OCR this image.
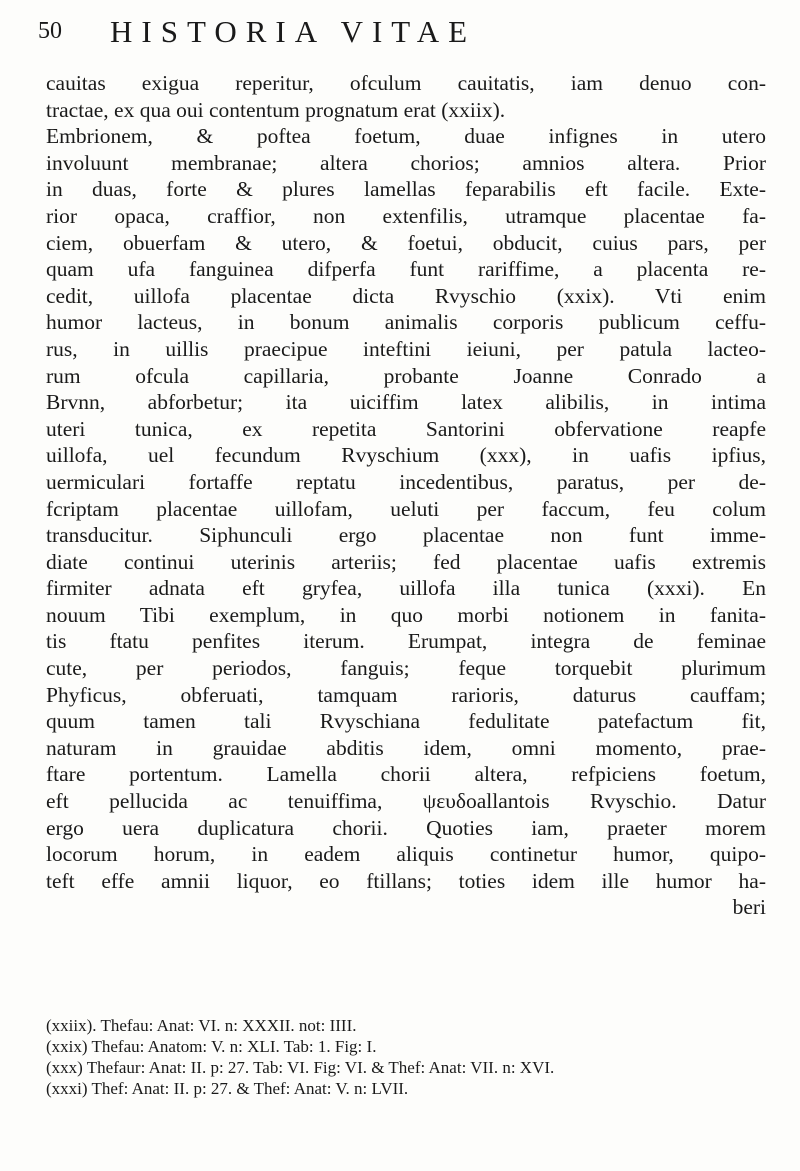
50 HISTORIA VITAE
cauitas exigua reperitur, ofculum cauitatis, iam denuo con-
tractae, ex qua oui contentum prognatum erat (xxiix).
Embrionem, & poftea foetum, duae infignes in utero
involuunt membranae; altera chorios; amnios altera. Prior
in duas, forte & plures lamellas feparabilis eft facile. Exte-
rior opaca, craffior, non extenfilis, utramque placentae fa-
ciem, obuerfam & utero, & foetui, obducit, cuius pars, per
quam ufa fanguinea difperfa funt rariffime, a placenta re-
cedit, uillofa placentae dicta Rvyschio (xxix). Vti enim
humor lacteus, in bonum animalis corporis publicum ceffu-
rus, in uillis praecipue inteftini ieiuni, per patula lacteo-
rum ofcula capillaria, probante Joanne Conrado a
Brvnn, abforbetur; ita uiciffim latex alibilis, in intima
uteri tunica, ex repetita Santorini obfervatione reapfe
uillofa, uel fecundum Rvyschium (xxx), in uafis ipfius,
uermiculari fortaffe reptatu incedentibus, paratus, per de-
fcriptam placentae uillofam, ueluti per faccum, feu colum
transducitur. Siphunculi ergo placentae non funt imme-
diate continui uterinis arteriis; fed placentae uafis extremis
firmiter adnata eft gryfea, uillofa illa tunica (xxxi). En
nouum Tibi exemplum, in quo morbi notionem in fanita-
tis ftatu penfites iterum. Erumpat, integra de feminae
cute, per periodos, fanguis; feque torquebit plurimum
Phyficus, obferuati, tamquam rarioris, daturus cauffam;
quum tamen tali Rvyschiana fedulitate patefactum fit,
naturam in grauidae abditis idem, omni momento, prae-
ftare portentum. Lamella chorii altera, refpiciens foetum,
eft pellucida ac tenuiffima, ψευδoallantois Rvyschio. Datur
ergo uera duplicatura chorii. Quoties iam, praeter morem
locorum horum, in eadem aliquis continetur humor, quipo-
teft effe amnii liquor, eo ftillans; toties idem ille humor ha-
beri
(xxiix). Thefau: Anat: VI. n: XXXII. not: IIII.
(xxix) Thefau: Anatom: V. n: XLI. Tab: 1. Fig: I.
(xxx) Thefaur: Anat: II. p: 27. Tab: VI. Fig: VI. & Thef: Anat: VII. n: XVI.
(xxxi) Thef: Anat: II. p: 27. & Thef: Anat: V. n: LVII.
